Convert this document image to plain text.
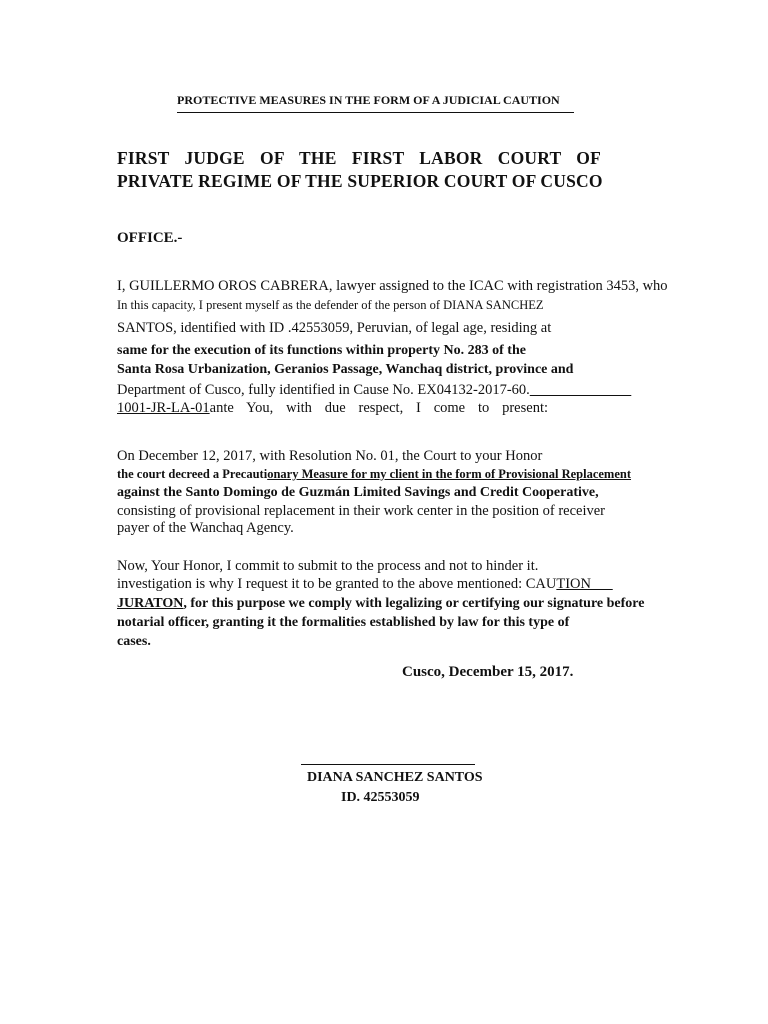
PROTECTIVE MEASURES IN THE FORM OF A JUDICIAL CAUTION
FIRST JUDGE OF THE FIRST LABOR COURT OF
PRIVATE REGIME OF THE SUPERIOR COURT OF CUSCO
OFFICE.-
I, GUILLERMO OROS CABRERA, lawyer assigned to the ICAC with registration 3453, who
In this capacity, I present myself as the defender of the person of DIANA SANCHEZ
SANTOS, identified with ID .42553059, Peruvian, of legal age, residing at
same for the execution of its functions within property No. 283 of the
Santa Rosa Urbanization, Geranios Passage, Wanchaq district, province and
Department of Cusco, fully identified in Cause No. EX04132-2017-60.
1001-JR-LA-01ante You, with due respect, I come to present:
On December 12, 2017, with Resolution No. 01, the Court to your Honor
the court decreed a Precautionary Measure for my client in the form of Provisional Replacement
against the Santo Domingo de Guzmán Limited Savings and Credit Cooperative,
consisting of provisional replacement in their work center in the position of receiver
payer of the Wanchaq Agency.
Now, Your Honor, I commit to submit to the process and not to hinder it.
investigation is why I request it to be granted to the above mentioned: CAUTION
JURATON, for this purpose we comply with legalizing or certifying our signature before
notarial officer, granting it the formalities established by law for this type of
cases.
Cusco, December 15, 2017.
DIANA SANCHEZ SANTOS
ID. 42553059
